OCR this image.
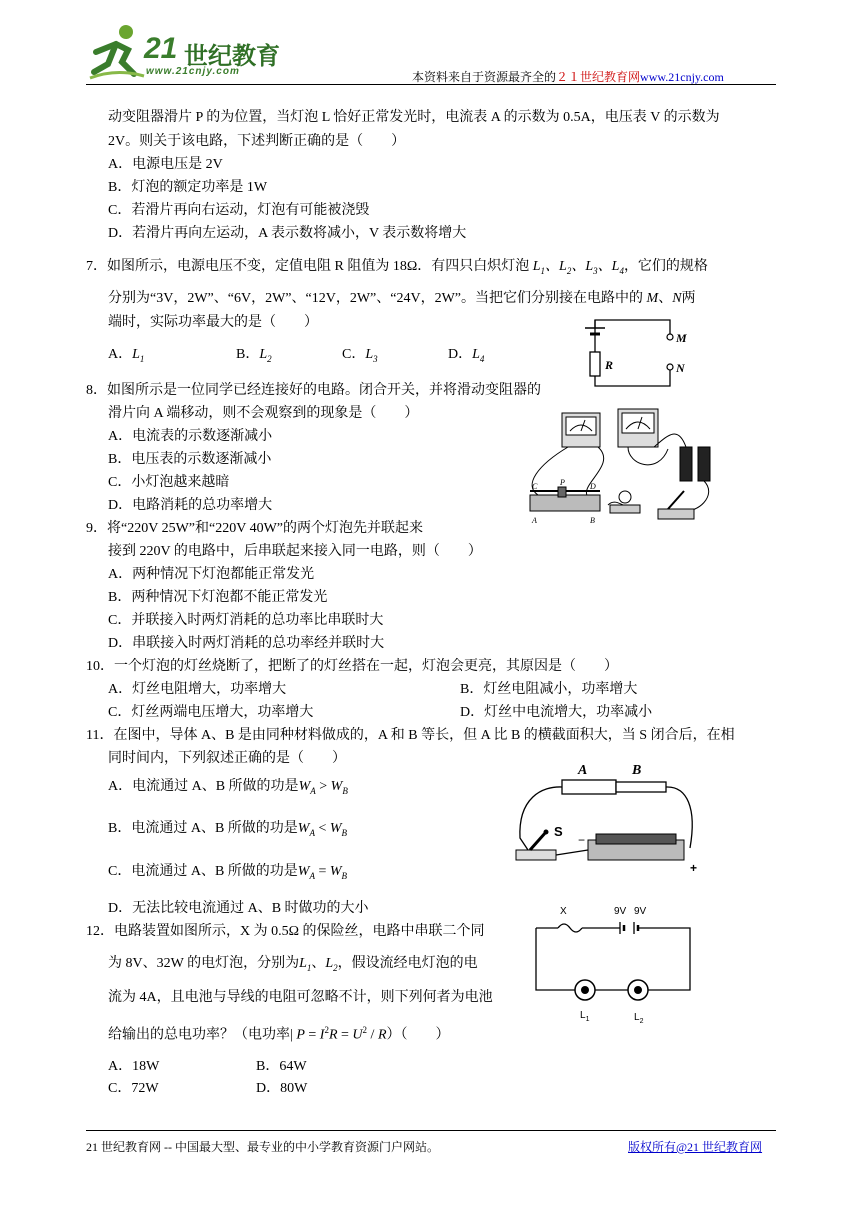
21 世纪教育
www.21cnjy.com	本资料来自于资源最齐全的２１世纪教育网www.21cnjy.com
动变阻器滑片 P 的为位置，当灯泡 L 恰好正常发光时，电流表 A 的示数为 0.5A，电压表 V 的示数为
2V。则关于该电路，下述判断正确的是（　　）
A．电源电压是 2V
B．灯泡的额定功率是 1W
C．若滑片再向右运动，灯泡有可能被浇毁
D．若滑片再向左运动，A 表示数将减小，V 表示数将增大
7．如图所示，电源电压不变，定值电阻 R 阻值为 18Ω．有四只白炽灯泡 $L_1$、$L_2$、$L_3$、$L_4$，它们的规格
分别为“3V，2W”、“6V，2W”、“12V，2W”、“24V，2W”。当把它们分别接在电路中的 M、N两
端时，实际功率最大的是（　　）
A．$L_1$	B．$L_2$	C．$L_3$	D．$L_4$	R
M
N
8．如图所示是一位同学已经连接好的电路。闭合开关，并将滑动变阻器的
滑片向 A 端移动，则不会观察到的现象是（　　）
A．电流表的示数逐渐减小
B．电压表的示数逐渐减小
C．小灯泡越来越暗
D．电路消耗的总功率增大
C	P	D
A	B
9．将“220V 25W”和“220V 40W”的两个灯泡先并联起来
接到 220V 的电路中，后串联起来接入同一电路，则（　　）
A．两种情况下灯泡都能正常发光
B．两种情况下灯泡都不能正常发光
C．并联接入时两灯消耗的总功率比串联时大
D．串联接入时两灯消耗的总功率经并联时大
10．一个灯泡的灯丝烧断了，把断了的灯丝搭在一起，灯泡会更亮，其原因是（　　）
A．灯丝电阻增大，功率增大	B．灯丝电阻减小，功率增大
C．灯丝两端电压增大，功率增大	D．灯丝中电流增大，功率减小
11．在图中，导体 A、B 是由同种材料做成的，A 和 B 等长，但 A 比 B 的横截面积大，当 S 闭合后，在相
同时间内，下列叙述正确的是（　　）
A．电流通过 A、B 所做的功是$W_A > W_B$
B．电流通过 A、B 所做的功是$W_A < W_B$
C．电流通过 A、B 所做的功是$W_A = W_B$
D．无法比较电流通过 A、B 时做功的大小
A	B
S
−
+
12．电路装置如图所示，X 为 0.5Ω 的保险丝，电路中串联二个同
为 8V、32W 的电灯泡，分别为$L_1$、$L_2$，假设流经电灯泡的电
流为 4A，且电池与导线的电阻可忽略不计，则下列何者为电池
给输出的总电功率？（电功率| $P = I^2R = U^2 / R$）（　　）
A．18W	B．64W
C．72W	D．80W
X	9V 9V
$L_1$	$L_2$
21 世纪教育网 -- 中国最大型、最专业的中小学教育资源门户网站。	版权所有@21 世纪教育网
